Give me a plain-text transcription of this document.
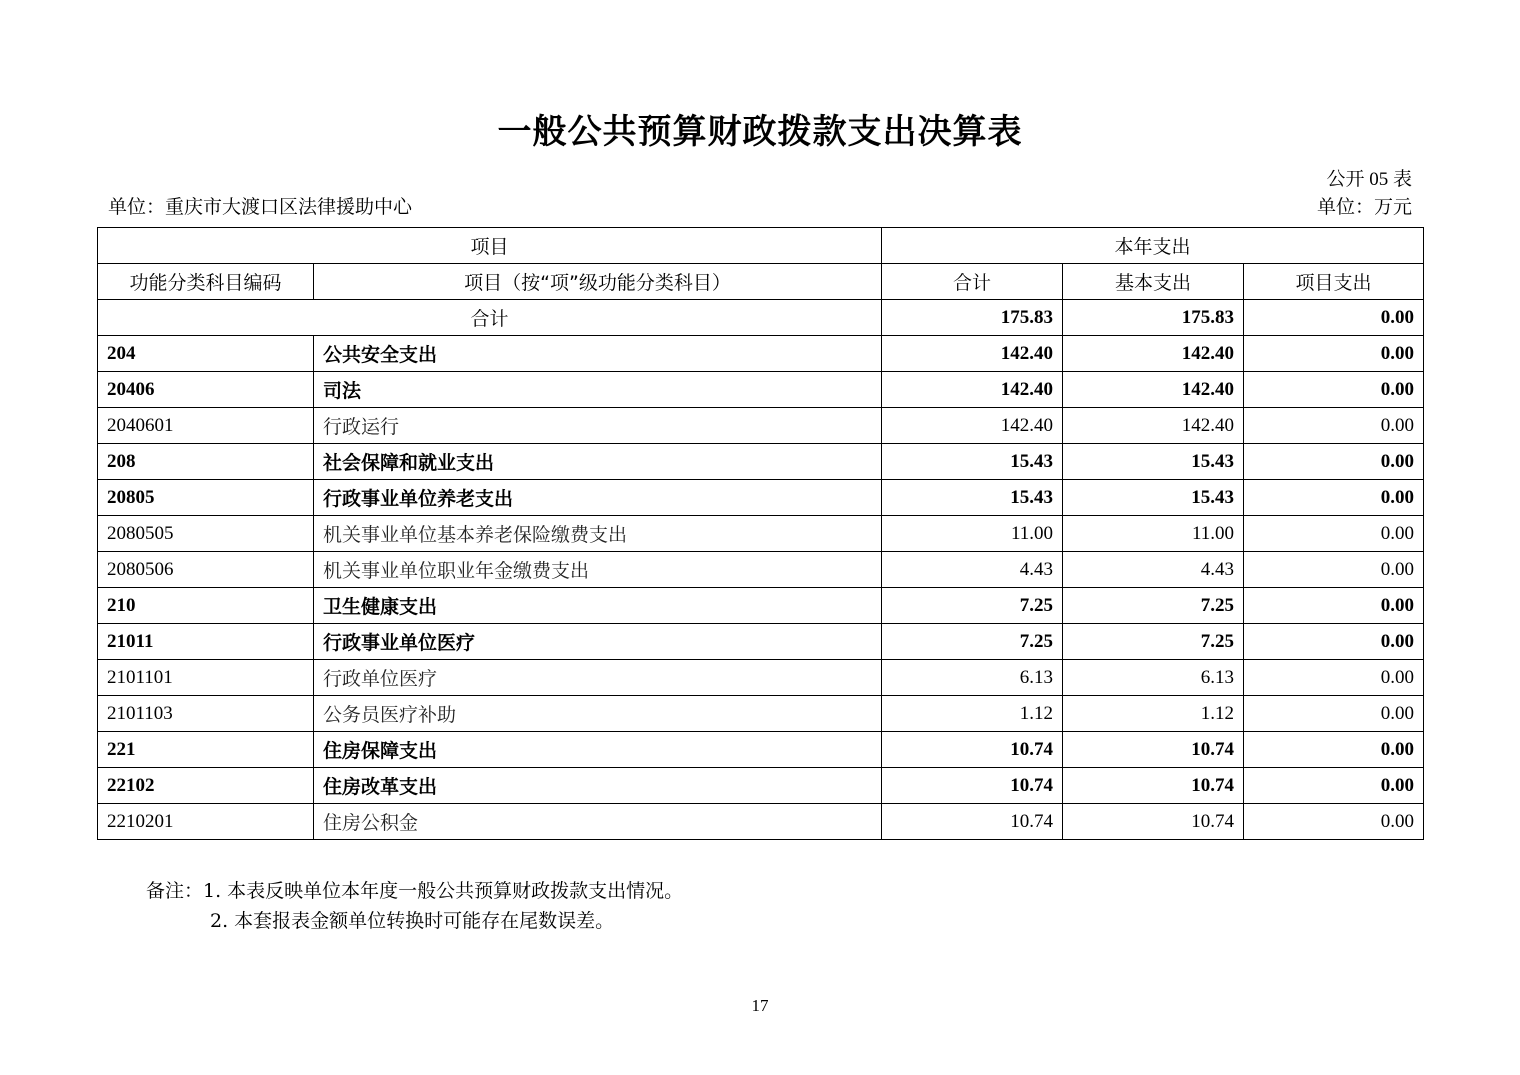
一般公共预算财政拨款支出决算表
公开 05 表
单位：重庆市大渡口区法律援助中心	单位：万元
项目		本年支出		
功能分类科目编码	项目（按“项”级功能分类科目）	合计	基本支出	项目支出
合计		175.83	175.83	0.00
204	公共安全支出	142.40	142.40	0.00
20406	司法	142.40	142.40	0.00
2040601	行政运行	142.40	142.40	0.00
208	社会保障和就业支出	15.43	15.43	0.00
20805	行政事业单位养老支出	15.43	15.43	0.00
2080505	机关事业单位基本养老保险缴费支出	11.00	11.00	0.00
2080506	机关事业单位职业年金缴费支出	4.43	4.43	0.00
210	卫生健康支出	7.25	7.25	0.00
21011	行政事业单位医疗	7.25	7.25	0.00
2101101	行政单位医疗	6.13	6.13	0.00
2101103	公务员医疗补助	1.12	1.12	0.00
221	住房保障支出	10.74	10.74	0.00
22102	住房改革支出	10.74	10.74	0.00
2210201	住房公积金	10.74	10.74	0.00
备注： 1. 本表反映单位本年度一般公共预算财政拨款支出情况。
2. 本套报表金额单位转换时可能存在尾数误差。
17
